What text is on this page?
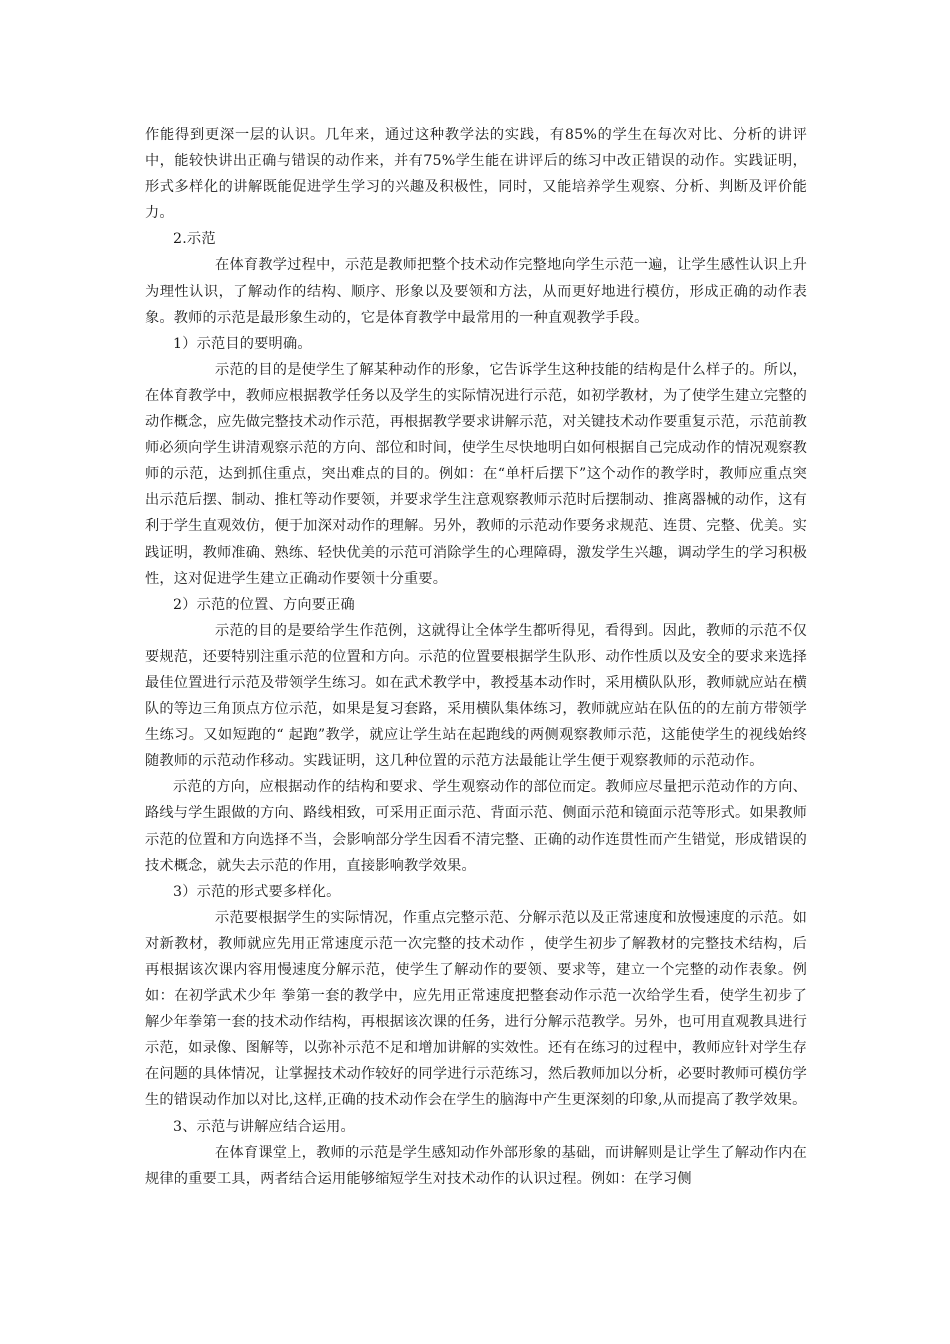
作能得到更深一层的认识。几年来，通过这种教学法的实践，有85%的学生在每次对比、分析的讲评中，能较快讲出正确与错误的动作来，并有75%学生能在讲评后的练习中改正错误的动作。实践证明，形式多样化的讲解既能促进学生学习的兴趣及积极性，同时，又能培养学生观察、分析、判断及评价能力。

2.示范

在体育教学过程中，示范是教师把整个技术动作完整地向学生示范一遍，让学生感性认识上升为理性认识，了解动作的结构、顺序、形象以及要领和方法，从而更好地进行模仿，形成正确的动作表象。教师的示范是最形象生动的，它是体育教学中最常用的一种直观教学手段。

1）示范目的要明确。

示范的目的是使学生了解某种动作的形象，它告诉学生这种技能的结构是什么样子的。所以，在体育教学中，教师应根据教学任务以及学生的实际情况进行示范，如初学教材，为了使学生建立完整的动作概念，应先做完整技术动作示范，再根据教学要求讲解示范，对关键技术动作要重复示范，示范前教师必须向学生讲清观察示范的方向、部位和时间，使学生尽快地明白如何根据自己完成动作的情况观察教师的示范，达到抓住重点，突出难点的目的。例如：在“单杆后摆下”这个动作的教学时，教师应重点突出示范后摆、制动、推杠等动作要领，并要求学生注意观察教师示范时后摆制动、推离器械的动作，这有利于学生直观效仿，便于加深对动作的理解。另外，教师的示范动作要务求规范、连贯、完整、优美。实践证明，教师准确、熟练、轻快优美的示范可消除学生的心理障碍，激发学生兴趣，调动学生的学习积极性，这对促进学生建立正确动作要领十分重要。

2）示范的位置、方向要正确

示范的目的是要给学生作范例，这就得让全体学生都听得见，看得到。因此，教师的示范不仅要规范，还要特别注重示范的位置和方向。示范的位置要根据学生队形、动作性质以及安全的要求来选择最佳位置进行示范及带领学生练习。如在武术教学中，教授基本动作时，采用横队队形，教师就应站在横队的等边三角顶点方位示范，如果是复习套路，采用横队集体练习，教师就应站在队伍的的左前方带领学生练习。又如短跑的“ 起跑”教学，就应让学生站在起跑线的两侧观察教师示范，这能使学生的视线始终随教师的示范动作移动。实践证明，这几种位置的示范方法最能让学生便于观察教师的示范动作。

示范的方向，应根据动作的结构和要求、学生观察动作的部位而定。教师应尽量把示范动作的方向、路线与学生跟做的方向、路线相致，可采用正面示范、背面示范、侧面示范和镜面示范等形式。如果教师示范的位置和方向选择不当，会影响部分学生因看不清完整、正确的动作连贯性而产生错觉，形成错误的技术概念，就失去示范的作用，直接影响教学效果。

3）示范的形式要多样化。

示范要根据学生的实际情况，作重点完整示范、分解示范以及正常速度和放慢速度的示范。如对新教材，教师就应先用正常速度示范一次完整的技术动作 ，使学生初步了解教材的完整技术结构，后再根据该次课内容用慢速度分解示范，使学生了解动作的要领、要求等，建立一个完整的动作表象。例如：在初学武术少年 拳第一套的教学中，应先用正常速度把整套动作示范一次给学生看，使学生初步了解少年拳第一套的技术动作结构，再根据该次课的任务，进行分解示范教学。另外，也可用直观教具进行示范，如录像、图解等，以弥补示范不足和增加讲解的实效性。还有在练习的过程中，教师应针对学生存在问题的具体情况，让掌握技术动作较好的同学进行示范练习，然后教师加以分析，必要时教师可模仿学生的错误动作加以对比,这样,正确的技术动作会在学生的脑海中产生更深刻的印象,从而提高了教学效果。

3、示范与讲解应结合运用。

在体育课堂上，教师的示范是学生感知动作外部形象的基础，而讲解则是让学生了解动作内在规律的重要工具，两者结合运用能够缩短学生对技术动作的认识过程。例如：在学习侧
